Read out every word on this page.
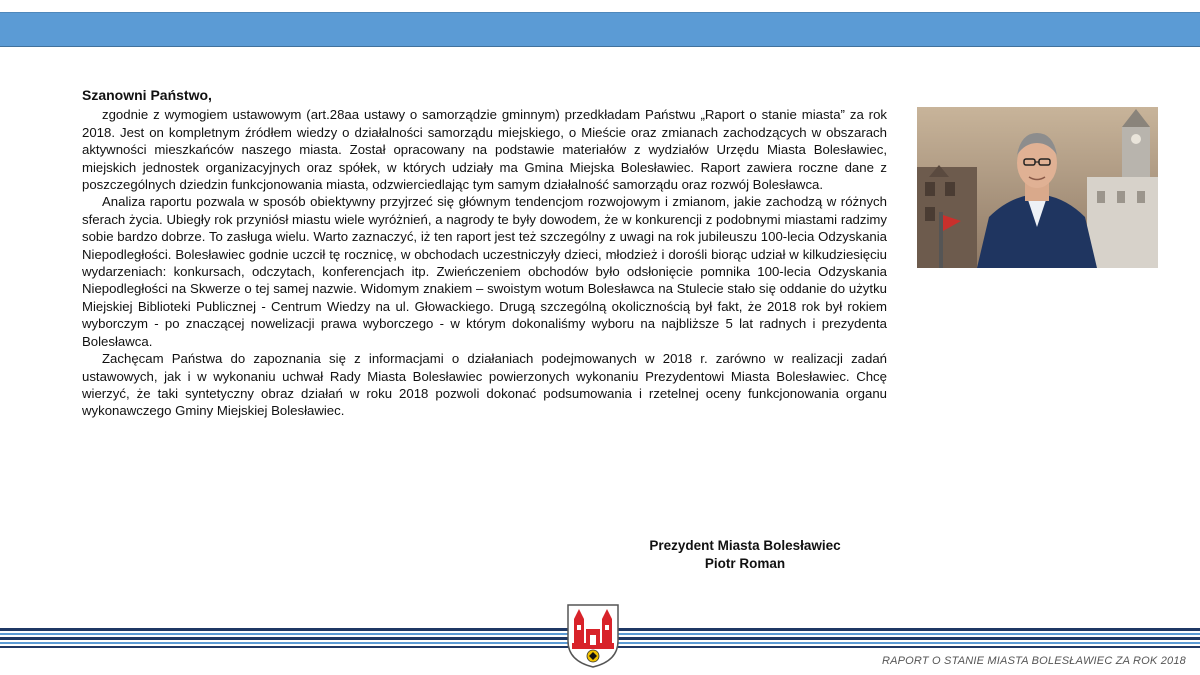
Szanowni Państwo,

zgodnie z wymogiem ustawowym (art.28aa ustawy o samorządzie gminnym) przedkładam Państwu „Raport o stanie miasta” za rok 2018. Jest on kompletnym źródłem wiedzy o działalności samorządu miejskiego, o Mieście oraz zmianach zachodzących w obszarach aktywności mieszkańców naszego miasta. Został opracowany na podstawie materiałów z wydziałów Urzędu Miasta Bolesławiec, miejskich jednostek organizacyjnych oraz spółek, w których udziały ma Gmina Miejska Bolesławiec. Raport zawiera roczne dane z poszczególnych dziedzin funkcjonowania miasta, odzwierciedlając tym samym działalność samorządu oraz rozwój Bolesławca.

Analiza raportu pozwala w sposób obiektywny przyjrzeć się głównym tendencjom rozwojowym i zmianom, jakie zachodzą w różnych sferach życia. Ubiegły rok przyniósł miastu wiele wyróżnień, a nagrody te były dowodem, że w konkurencji z podobnymi miastami radzimy sobie bardzo dobrze. To zasługa wielu. Warto zaznaczyć, iż ten raport jest też szczególny z uwagi na rok jubileuszu 100-lecia Odzyskania Niepodległości. Bolesławiec godnie uczcił tę rocznicę, w obchodach uczestniczyły dzieci, młodzież i dorośli biorąc udział w kilkudziesięciu wydarzeniach: konkursach, odczytach, konferencjach itp. Zwieńczeniem obchodów było odsłonięcie pomnika 100-lecia Odzyskania Niepodległości na Skwerze o tej samej nazwie. Widomym znakiem – swoistym wotum Bolesławca na Stulecie stało się oddanie do użytku Miejskiej Biblioteki Publicznej - Centrum Wiedzy na ul. Głowackiego. Drugą szczególną okolicznością był fakt, że 2018 rok był rokiem wyborczym - po znaczącej nowelizacji prawa wyborczego - w którym dokonaliśmy wyboru na najbliższe 5 lat radnych i prezydenta Bolesławca.

Zachęcam Państwa do zapoznania się z informacjami o działaniach podejmowanych w 2018 r. zarówno w realizacji zadań ustawowych, jak i w wykonaniu uchwał Rady Miasta Bolesławiec powierzonych wykonaniu Prezydentowi Miasta Bolesławiec. Chcę wierzyć, że taki syntetyczny obraz działań w roku 2018 pozwoli dokonać podsumowania i rzetelnej oceny funkcjonowania organu wykonawczego Gminy Miejskiej Bolesławiec.

Prezydent Miasta Bolesławiec
Piotr Roman
RAPORT O STANIE MIASTA BOLESŁAWIEC ZA ROK 2018
